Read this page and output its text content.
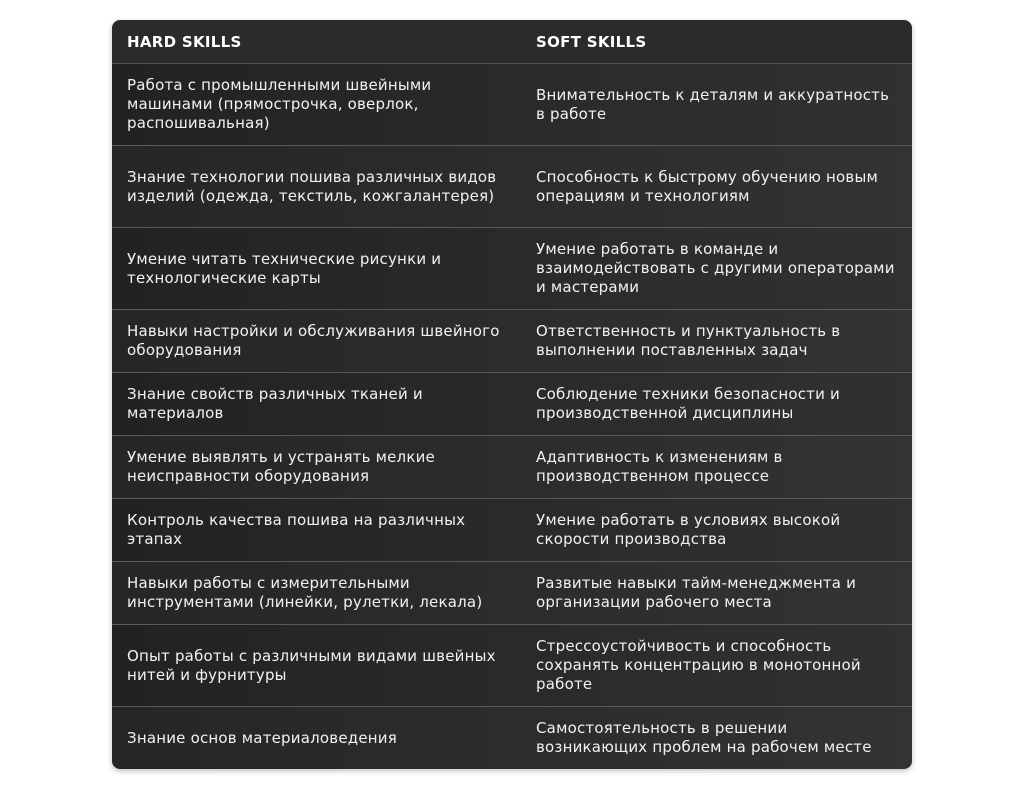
HARD SKILLS	SOFT SKILLS
Работа с промышленными швейными машинами (прямострочка, оверлок, распошивальная)	Внимательность к деталям и аккуратность в работе
Знание технологии пошива различных видов изделий (одежда, текстиль, кожгалантерея)	Способность к быстрому обучению новым операциям и технологиям
Умение читать технические рисунки и технологические карты	Умение работать в команде и взаимодействовать с другими операторами и мастерами
Навыки настройки и обслуживания швейного оборудования	Ответственность и пунктуальность в выполнении поставленных задач
Знание свойств различных тканей и материалов	Соблюдение техники безопасности и производственной дисциплины
Умение выявлять и устранять мелкие неисправности оборудования	Адаптивность к изменениям в производственном процессе
Контроль качества пошива на различных этапах	Умение работать в условиях высокой скорости производства
Навыки работы с измерительными инструментами (линейки, рулетки, лекала)	Развитые навыки тайм-менеджмента и организации рабочего места
Опыт работы с различными видами швейных нитей и фурнитуры	Стрессоустойчивость и способность сохранять концентрацию в монотонной работе
Знание основ материаловедения	Самостоятельность в решении возникающих проблем на рабочем месте
